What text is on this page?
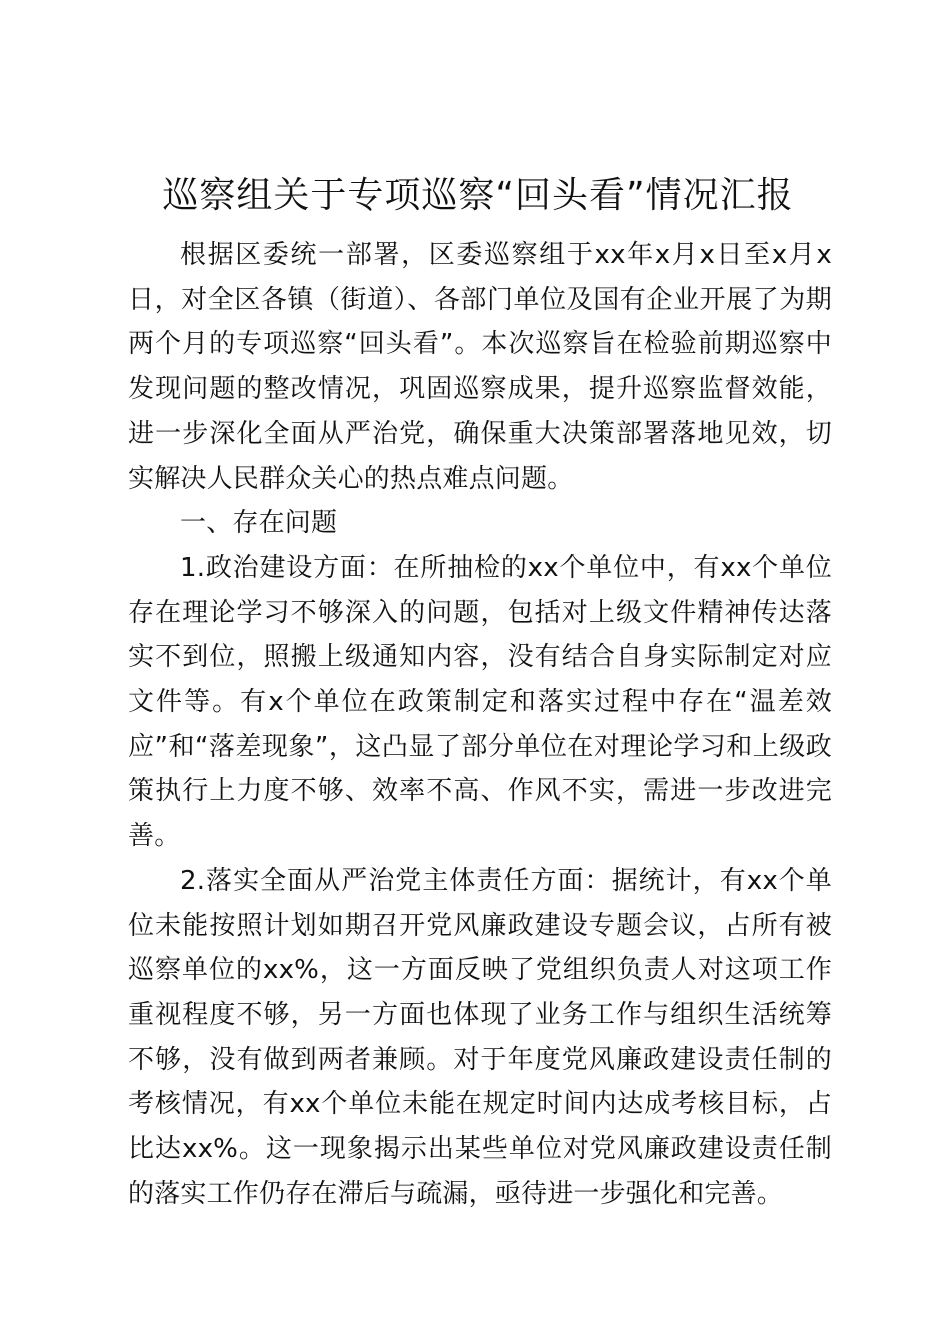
巡察组关于专项巡察“回头看”情况汇报

根据区委统一部署，区委巡察组于xx年x月x日至x月x日，对全区各镇（街道）、各部门单位及国有企业开展了为期两个月的专项巡察“回头看”。本次巡察旨在检验前期巡察中发现问题的整改情况，巩固巡察成果，提升巡察监督效能，进一步深化全面从严治党，确保重大决策部署落地见效，切实解决人民群众关心的热点难点问题。

一、存在问题

1.政治建设方面：在所抽检的xx个单位中，有xx个单位存在理论学习不够深入的问题，包括对上级文件精神传达落实不到位，照搬上级通知内容，没有结合自身实际制定对应文件等。有x个单位在政策制定和落实过程中存在“温差效应”和“落差现象”，这凸显了部分单位在对理论学习和上级政策执行上力度不够、效率不高、作风不实，需进一步改进完善。

2.落实全面从严治党主体责任方面：据统计，有xx个单位未能按照计划如期召开党风廉政建设专题会议，占所有被巡察单位的xx%，这一方面反映了党组织负责人对这项工作重视程度不够，另一方面也体现了业务工作与组织生活统筹不够，没有做到两者兼顾。对于年度党风廉政建设责任制的考核情况，有xx个单位未能在规定时间内达成考核目标，占比达xx%。这一现象揭示出某些单位对党风廉政建设责任制的落实工作仍存在滞后与疏漏，亟待进一步强化和完善。
